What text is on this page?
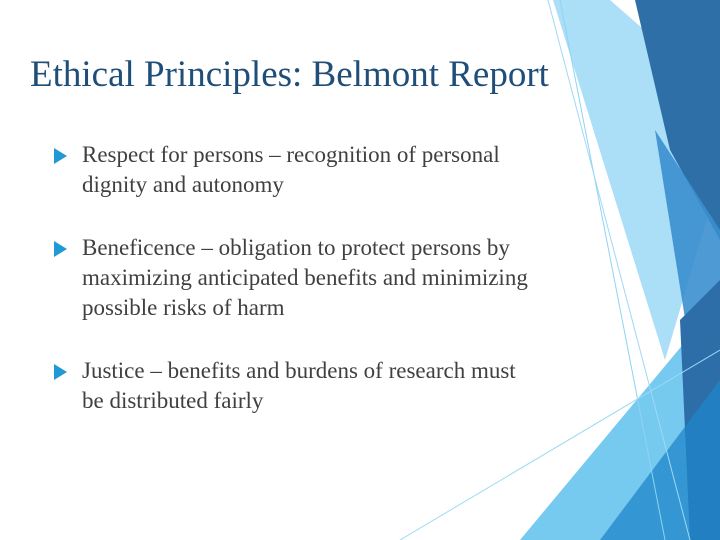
Ethical Principles: Belmont Report
Respect for persons – recognition of personal dignity and autonomy
Beneficence – obligation to protect persons by maximizing anticipated benefits and minimizing possible risks of harm
Justice – benefits and burdens of research must be distributed fairly
